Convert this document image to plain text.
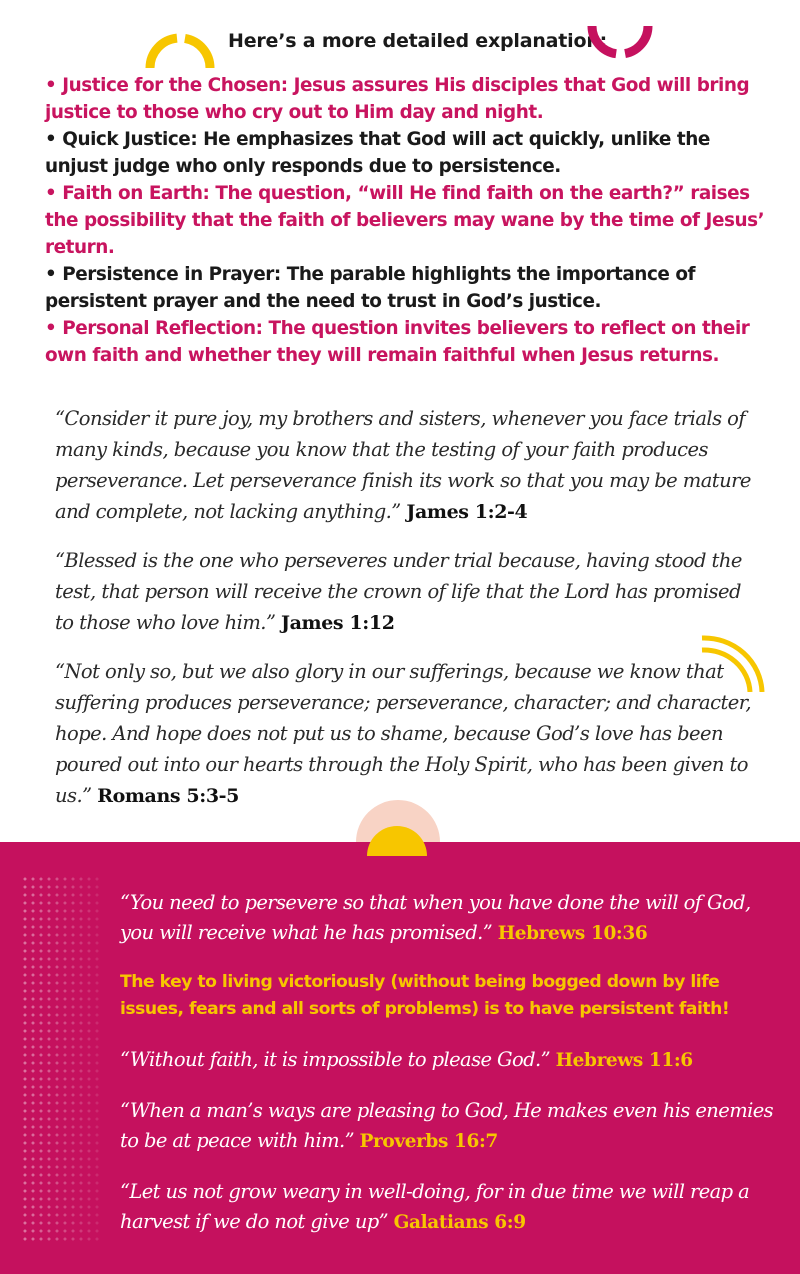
Here’s a more detailed explanation:
• Justice for the Chosen: Jesus assures His disciples that God will bring justice to those who cry out to Him day and night.
• Quick Justice: He emphasizes that God will act quickly, unlike the unjust judge who only responds due to persistence.
• Faith on Earth: The question, “will He find faith on the earth?” raises the possibility that the faith of believers may wane by the time of Jesus’ return.
• Persistence in Prayer: The parable highlights the importance of persistent prayer and the need to trust in God’s justice.
• Personal Reflection: The question invites believers to reflect on their own faith and whether they will remain faithful when Jesus returns.

“Consider it pure joy, my brothers and sisters, whenever you face trials of many kinds, because you know that the testing of your faith produces perseverance. Let perseverance finish its work so that you may be mature and complete, not lacking anything.” James 1:2-4

“Blessed is the one who perseveres under trial because, having stood the test, that person will receive the crown of life that the Lord has promised to those who love him.” James 1:12

“Not only so, but we also glory in our sufferings, because we know that suffering produces perseverance; perseverance, character; and character, hope. And hope does not put us to shame, because God’s love has been poured out into our hearts through the Holy Spirit, who has been given to us.” Romans 5:3-5

“You need to persevere so that when you have done the will of God, you will receive what he has promised.” Hebrews 10:36

The key to living victoriously (without being bogged down by life issues, fears and all sorts of problems) is to have persistent faith!

“Without faith, it is impossible to please God.” Hebrews 11:6

“When a man’s ways are pleasing to God, He makes even his enemies to be at peace with him.” Proverbs 16:7

“Let us not grow weary in well-doing, for in due time we will reap a harvest if we do not give up” Galatians 6:9
